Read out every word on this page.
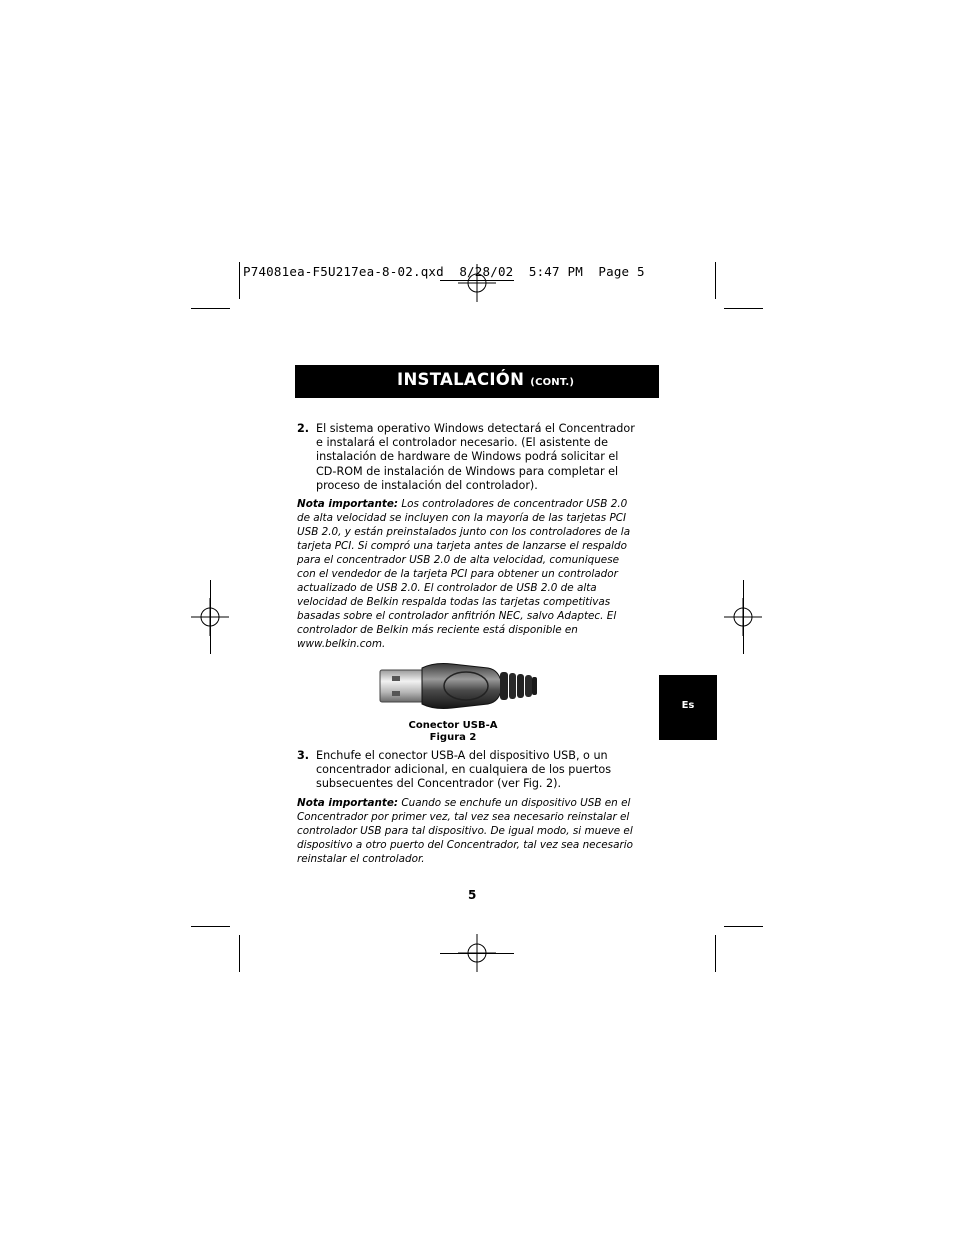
P74081ea-F5U217ea-8-02.qxd  8/28/02  5:47 PM  Page 5
INSTALACIÓN (CONT.)
2. El sistema operativo Windows detectará el Concentrador e instalará el controlador necesario. (El asistente de instalación de hardware de Windows podrá solicitar el CD-ROM de instalación de Windows para completar el proceso de instalación del controlador).
Nota importante: Los controladores de concentrador USB 2.0 de alta velocidad se incluyen con la mayoría de las tarjetas PCI USB 2.0, y están preinstalados junto con los controladores de la tarjeta PCI. Si compró una tarjeta antes de lanzarse el respaldo para el concentrador USB 2.0 de alta velocidad, comuniquese con el vendedor de la tarjeta PCI para obtener un controlador actualizado de USB 2.0. El controlador de USB 2.0 de alta velocidad de Belkin respalda todas las tarjetas competitivas basadas sobre el controlador anfitrión NEC, salvo Adaptec. El controlador de Belkin más reciente está disponible en www.belkin.com.
Conector USB-A
Figura 2
3. Enchufe el conector USB-A del dispositivo USB, o un concentrador adicional, en cualquiera de los puertos subsecuentes del Concentrador (ver Fig. 2).
Nota importante: Cuando se enchufe un dispositivo USB en el Concentrador por primer vez, tal vez sea necesario reinstalar el controlador USB para tal dispositivo. De igual modo, si mueve el dispositivo a otro puerto del Concentrador, tal vez sea necesario reinstalar el controlador.
5
Es
